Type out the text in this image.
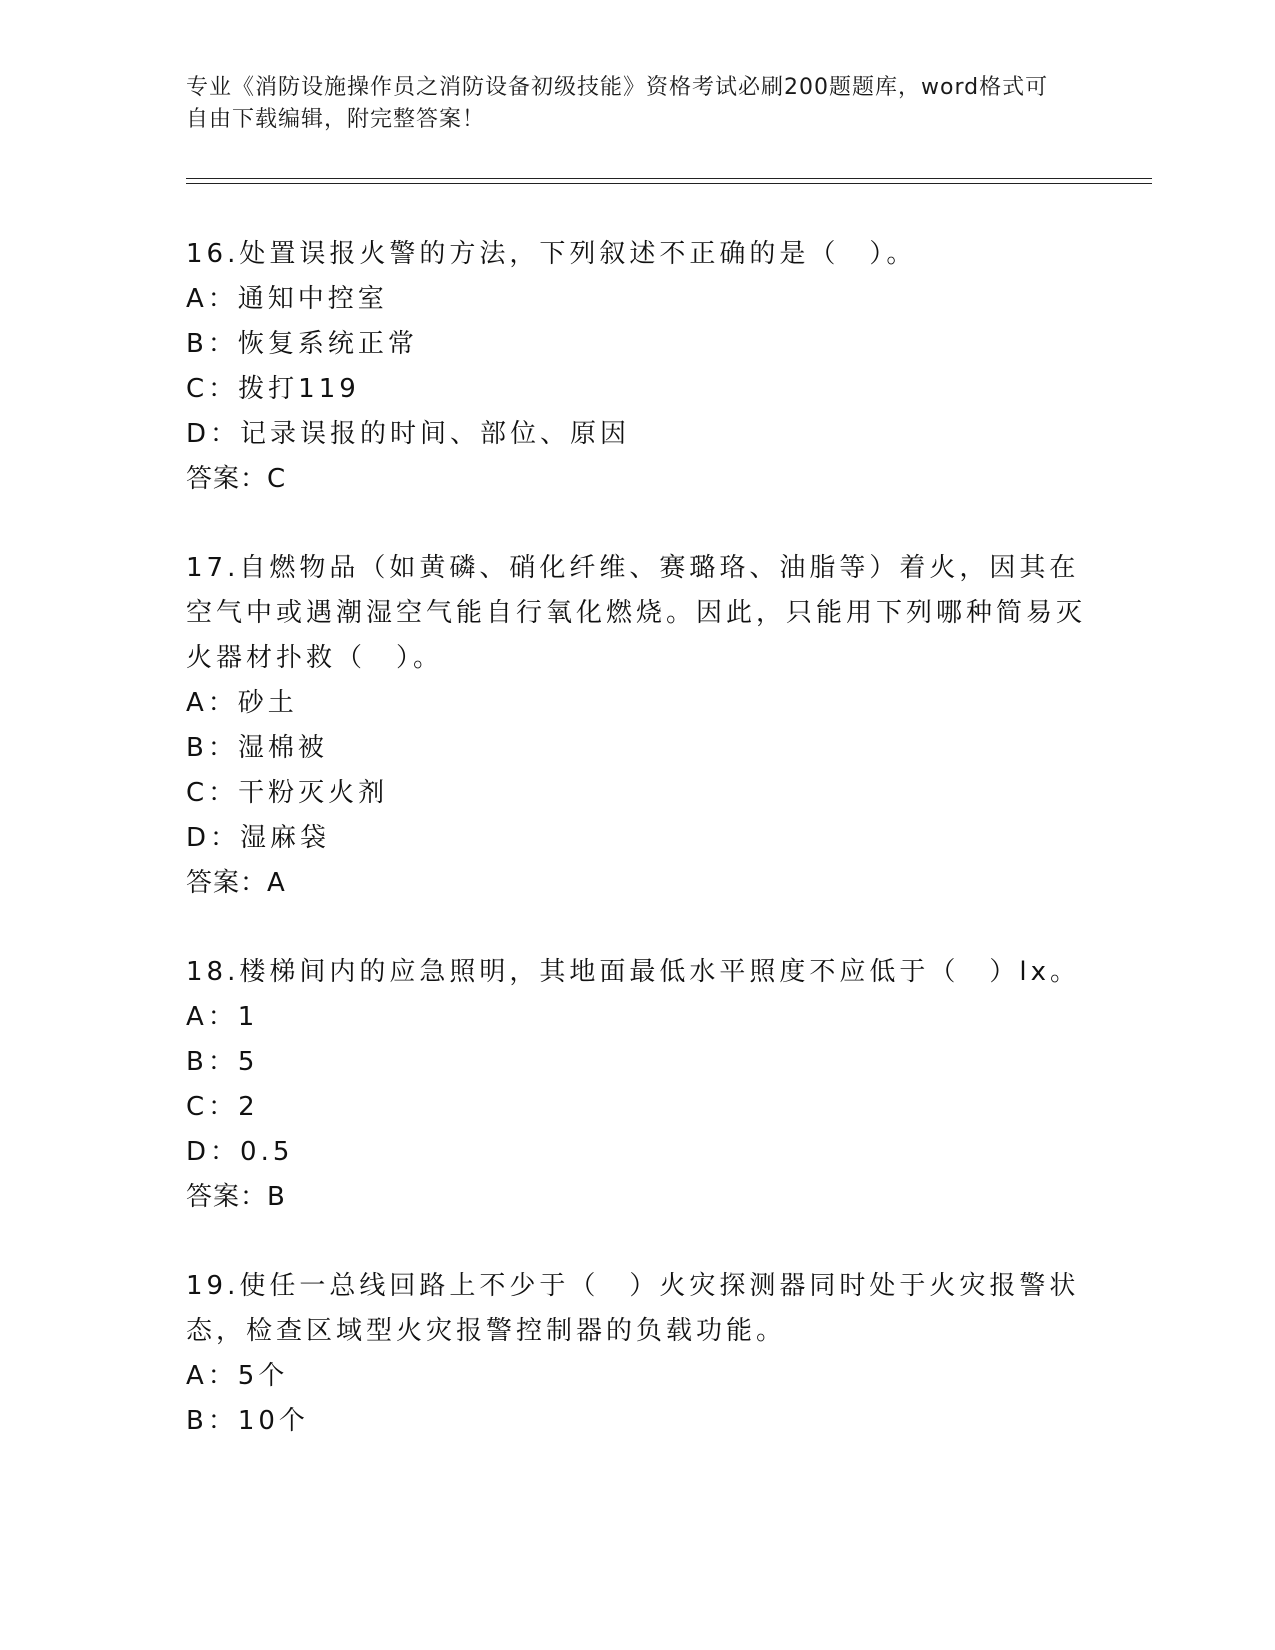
专业《消防设施操作员之消防设备初级技能》资格考试必刷200题题库，word格式可自由下载编辑，附完整答案！
16.处置误报火警的方法，下列叙述不正确的是（　）。
A：通知中控室
B：恢复系统正常
C：拨打119
D：记录误报的时间、部位、原因
答案：C
17.自燃物品（如黄磷、硝化纤维、赛璐珞、油脂等）着火，因其在空气中或遇潮湿空气能自行氧化燃烧。因此，只能用下列哪种简易灭火器材扑救（　）。
A：砂土
B：湿棉被
C：干粉灭火剂
D：湿麻袋
答案：A
18.楼梯间内的应急照明，其地面最低水平照度不应低于（　）lx。
A：1
B：5
C：2
D：0.5
答案：B
19.使任一总线回路上不少于（　）火灾探测器同时处于火灾报警状态，检查区域型火灾报警控制器的负载功能。
A：5个
B：10个
